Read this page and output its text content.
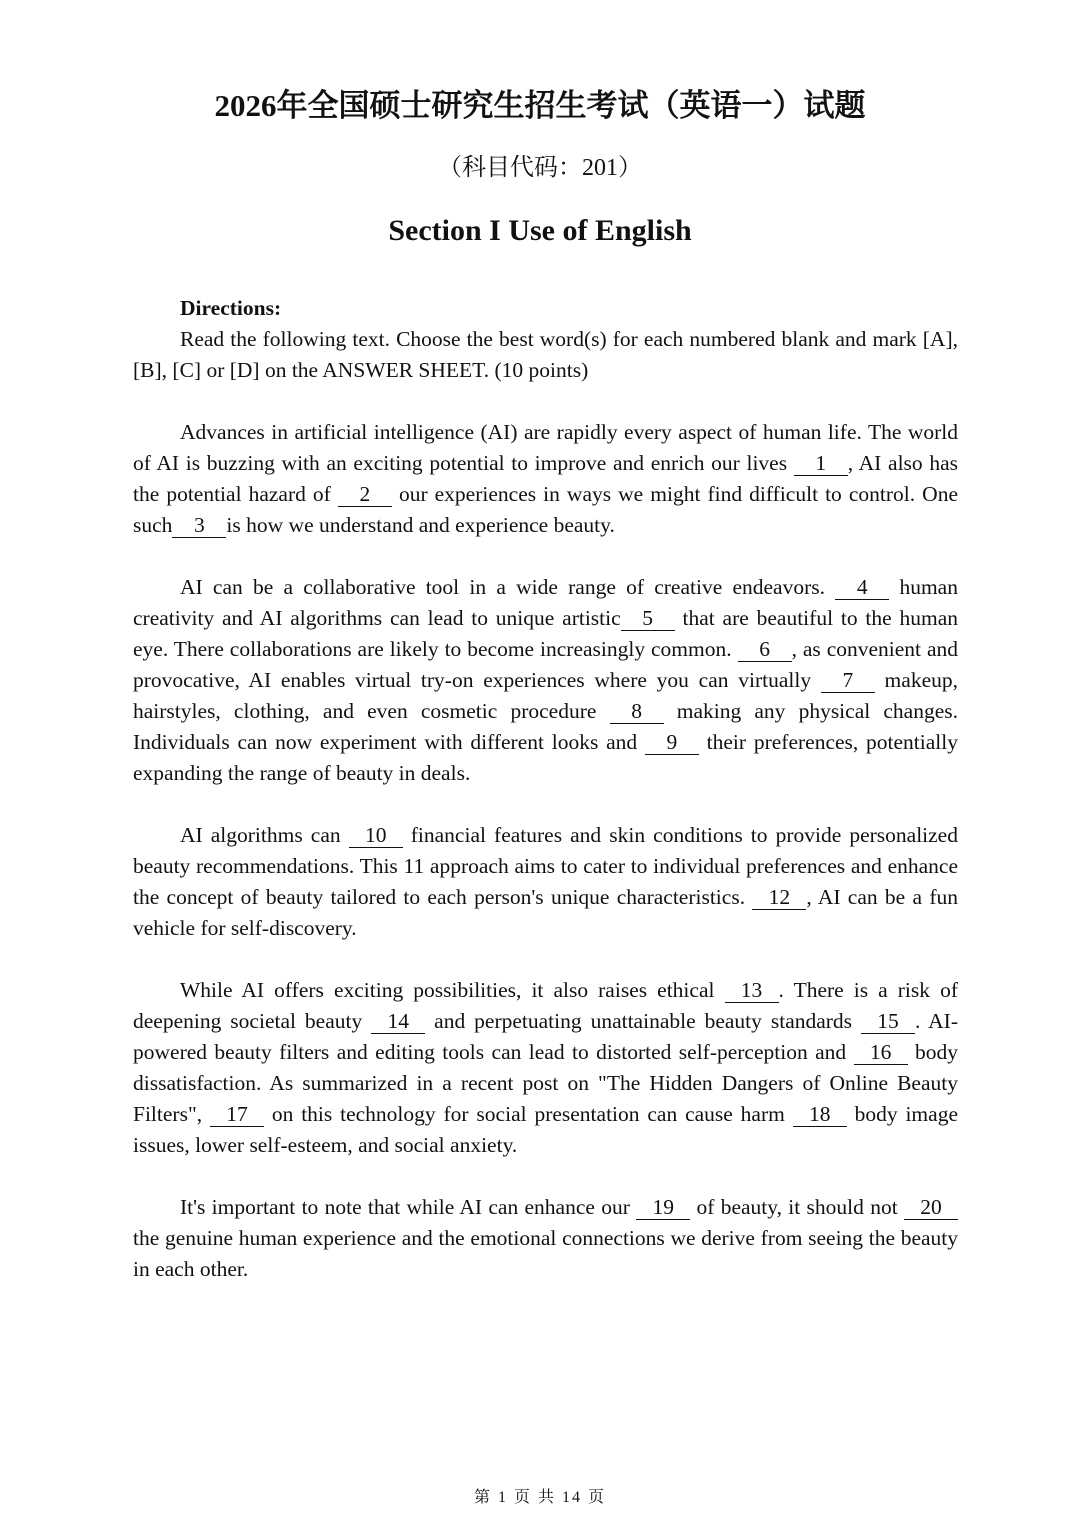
2026年全国硕士研究生招生考试（英语一）试题
（科目代码：201）
Section I Use of English

Directions:

Read the following text. Choose the best word(s) for each numbered blank and mark [A], [B], [C] or [D] on the ANSWER SHEET. (10 points)

Advances in artificial intelligence (AI) are rapidly every aspect of human life. The world of AI is buzzing with an exciting potential to improve and enrich our lives 1 , AI also has the potential hazard of 2 our experiences in ways we might find difficult to control. One such 3 is how we understand and experience beauty.

AI can be a collaborative tool in a wide range of creative endeavors. 4 human creativity and AI algorithms can lead to unique artistic 5 that are beautiful to the human eye. There collaborations are likely to become increasingly common. 6 , as convenient and provocative, AI enables virtual try-on experiences where you can virtually 7 makeup, hairstyles, clothing, and even cosmetic procedure 8 making any physical changes. Individuals can now experiment with different looks and 9 their preferences, potentially expanding the range of beauty in deals.

AI algorithms can 10 financial features and skin conditions to provide personalized beauty recommendations. This 11 approach aims to cater to individual preferences and enhance the concept of beauty tailored to each person's unique characteristics. 12 , AI can be a fun vehicle for self-discovery.

While AI offers exciting possibilities, it also raises ethical 13 . There is a risk of deepening societal beauty 14 and perpetuating unattainable beauty standards 15 . AI-powered beauty filters and editing tools can lead to distorted self-perception and 16 body dissatisfaction. As summarized in a recent post on "The Hidden Dangers of Online Beauty Filters", 17 on this technology for social presentation can cause harm 18 body image issues, lower self-esteem, and social anxiety.

It's important to note that while AI can enhance our 19 of beauty, it should not 20 the genuine human experience and the emotional connections we derive from seeing the beauty in each other.

第 1 页 共 14 页
